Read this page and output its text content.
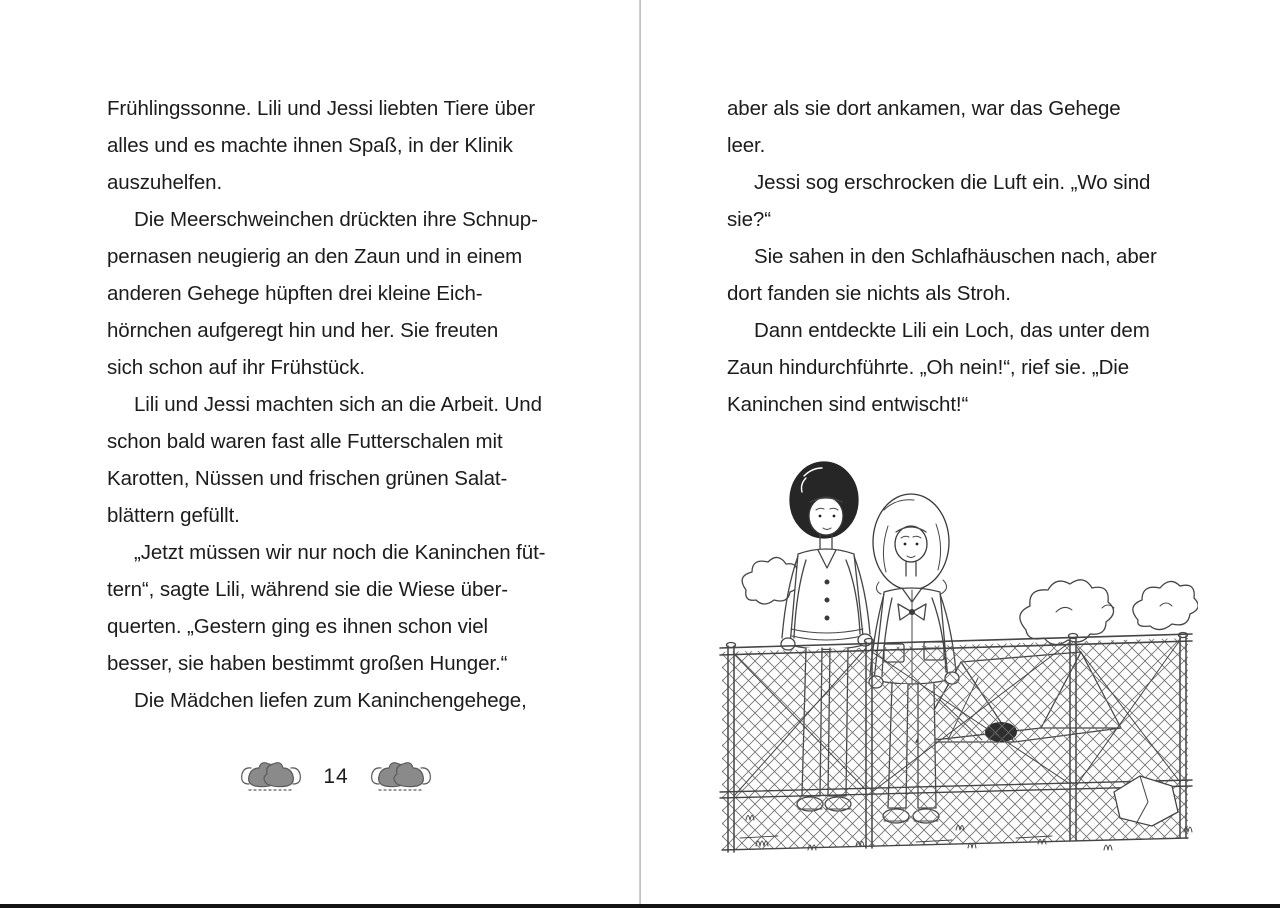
Frühlingssonne. Lili und Jessi liebten Tiere über
alles und es machte ihnen Spaß, in der Klinik
auszuhelfen.
Die Meerschweinchen drückten ihre Schnup-
pernasen neugierig an den Zaun und in einem
anderen Gehege hüpften drei kleine Eich-
hörnchen aufgeregt hin und her. Sie freuten
sich schon auf ihr Frühstück.
Lili und Jessi machten sich an die Arbeit. Und
schon bald waren fast alle Futterschalen mit
Karotten, Nüssen und frischen grünen Salat-
blättern gefüllt.
„Jetzt müssen wir nur noch die Kaninchen füt-
tern“, sagte Lili, während sie die Wiese über-
querten. „Gestern ging es ihnen schon viel
besser, sie haben bestimmt großen Hunger.“
Die Mädchen liefen zum Kaninchengehege,
14
aber als sie dort ankamen, war das Gehege
leer.
Jessi sog erschrocken die Luft ein. „Wo sind
sie?“
Sie sahen in den Schlafhäuschen nach, aber
dort fanden sie nichts als Stroh.
Dann entdeckte Lili ein Loch, das unter dem
Zaun hindurchführte. „Oh nein!“, rief sie. „Die
Kaninchen sind entwischt!“
